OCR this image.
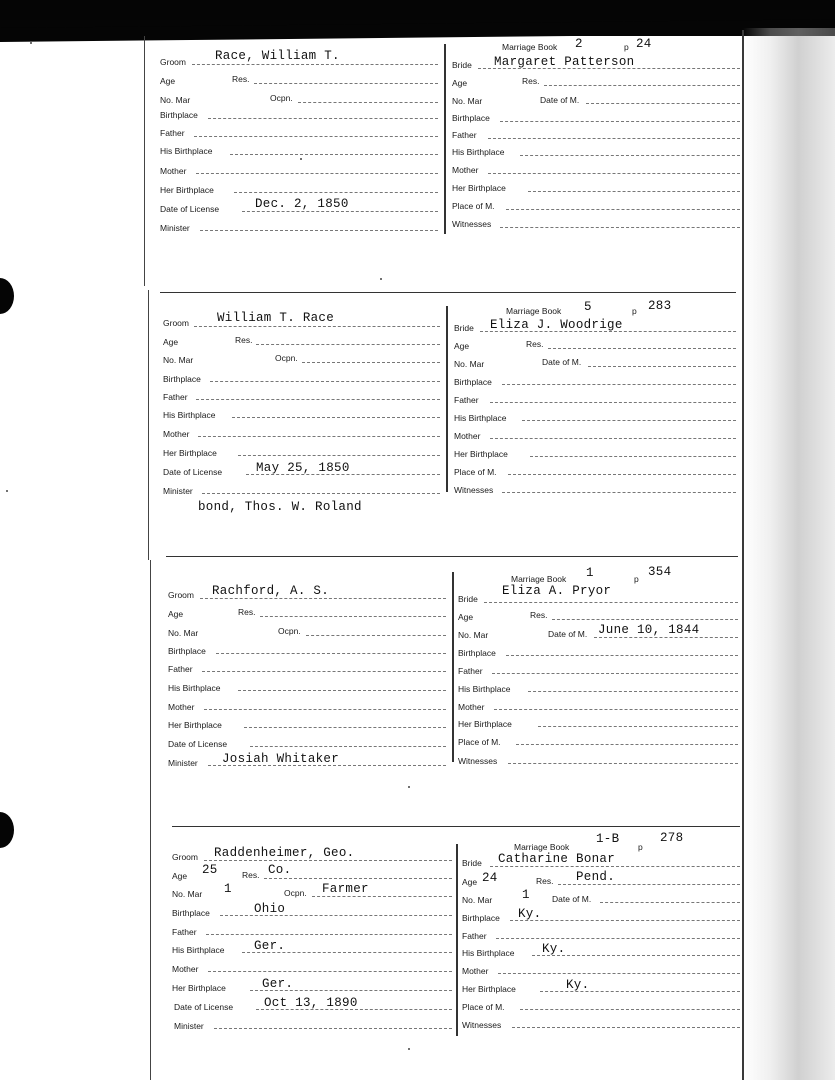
Marriage Book 2	p 24
Groom Race, William T.
Age	Res.
No. Mar	Ocpn.
Birthplace
Father
His Birthplace
Mother
Her Birthplace
Date of License	Dec. 2, 1850
Minister
Bride Margaret Patterson
Age	Res.
No. Mar	Date of M.
Birthplace
Father
His Birthplace
Mother
Her Birthplace
Place of M.
Witnesses
Marriage Book 5	p 283
Groom William T. Race
Age	Res.
No. Mar	Ocpn.
Birthplace
Father
His Birthplace
Mother
Her Birthplace
Date of License	May 25, 1850
Minister
Bride Eliza J. Woodrige
Age	Res.
No. Mar	Date of M.
Birthplace
Father
His Birthplace
Mother
Her Birthplace
Place of M.
Witnesses
bond, Thos. W. Roland
Marriage Book 1	p 354
Groom Rachford, A. S.
Age	Res.
No. Mar	Ocpn.
Birthplace
Father
His Birthplace
Mother
Her Birthplace
Date of License
Minister Josiah Whitaker
Bride
Eliza A. Pryor
Age	Res.
No. Mar	Date of M. June 10, 1844
Birthplace
Father
His Birthplace
Mother
Her Birthplace
Place of M.
Witnesses
Marriage Book
1-B
p
278
Groom Raddenheimer, Geo.
Age 25	Res. Co.
No. Mar 1	Ocpn. Farmer
Birthplace	Ohio
Father
His Birthplace Ger.
Mother
Her Birthplace	Ger.
Date of License Oct 13, 1890
Minister
Bride Catharine Bonar
Age 24	Res. Pend.
No. Mar 1	Date of M.
Birthplace Ky.
Father
His Birthplace Ky.
Mother
Her Birthplace	Ky.
Place of M.
Witnesses
